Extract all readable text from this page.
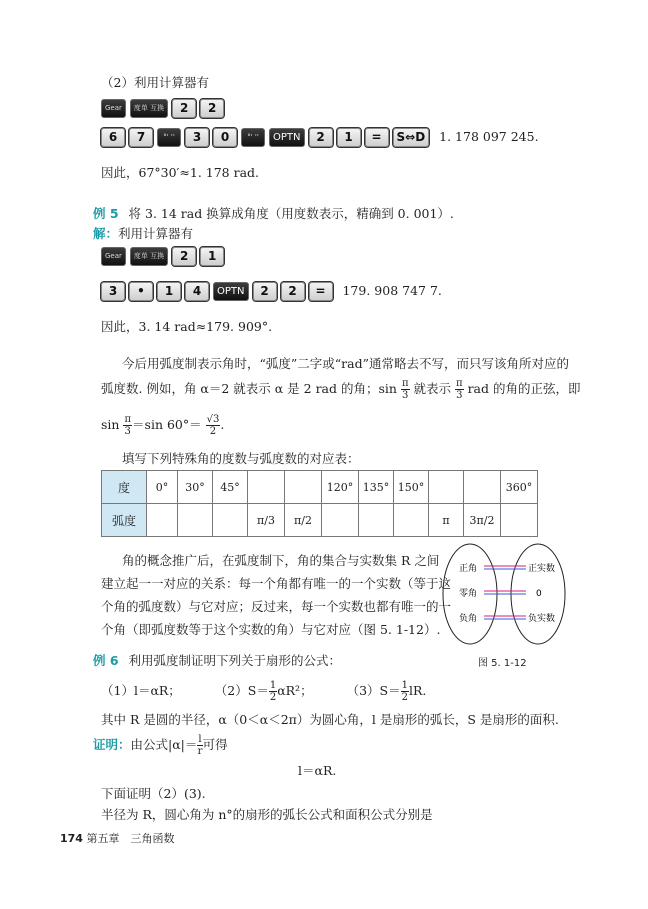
（2）利用计算器有
Gear 度单 互换 2 2
6 7	°' '' 3 0	°' '' OPTN 2 1 = S⇔D 1. 178 097 245.
因此，67°30′≈1. 178 rad.
例 5 将 3. 14 rad 换算成角度（用度数表示，精确到 0. 001）.
解：利用计算器有
Gear 度单 互换 2 1
3 • 1 4 OPTN 2 2 = 179. 908 747 7.
因此，3. 14 rad≈179. 909°.
今后用弧度制表示角时，“弧度”二字或“rad”通常略去不写，而只写该角所对应的
弧度数. 例如，角 α＝2 就表示 α 是 2 rad 的角；$\sin \frac{\pi}{3}$ 就表示 $\frac{\pi}{3}$ rad 的角的正弦，即
$\sin \frac{\pi}{3} =\sin$ $60^\circ= \frac{√3}{2}$ .
填写下列特殊角的度数与弧度数的对应表：
度	0°	30°	45°			120°	135°	150°			360°
弧度				π/3	π/2				π	3π/2	
角的概念推广后，在弧度制下，角的集合与实数集 R 之间
建立起一一对应的关系：每一个角都有唯一的一个实数（等于这
个角的弧度数）与它对应；反过来，每一个实数也都有唯一的一
个角（即弧度数等于这个实数的角）与它对应（图 5. 1-12）.
正角
零角
负角
正实数
0
负实数
图 5. 1-12
例 6 利用弧度制证明下列关于扇形的公式：
（1）l＝αR；	$(2)S= \frac{1}{2} \alpha R^2$；	$(3)S= \frac{1}{2}$ lR.
其中 R 是圆的半径，α（0＜α＜2π）为圆心角，l 是扇形的弧长，S 是扇形的面积.
证明：由公式$|\alpha|= \frac{l}{r}$ 可得
l＝αR.
下面证明（2）(3).
半径为 R，圆心角为 n°的扇形的弧长公式和面积公式分别是
174 第五章　三角函数
